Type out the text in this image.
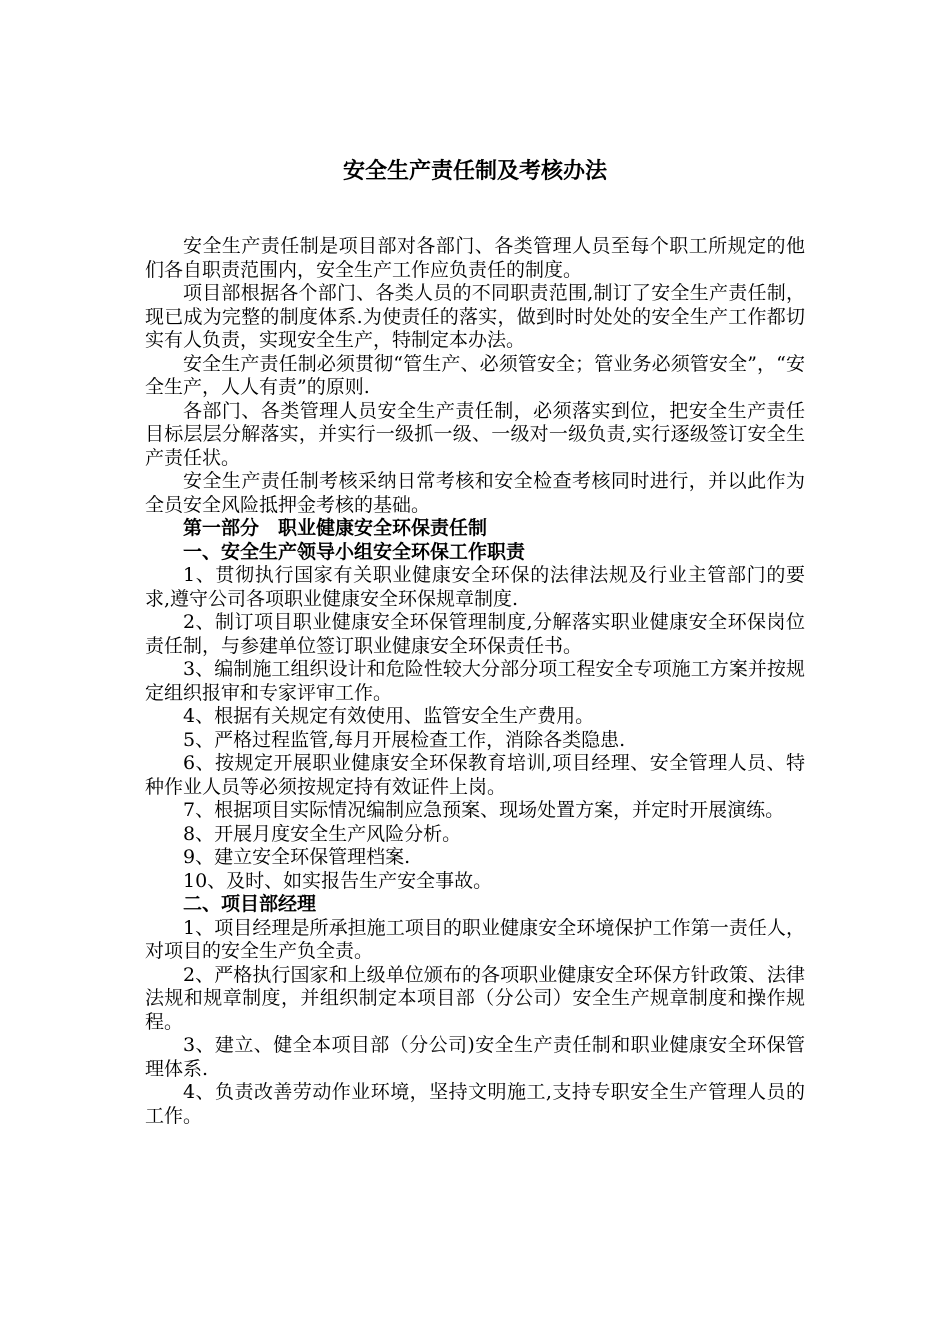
安全生产责任制及考核办法

安全生产责任制是项目部对各部门、各类管理人员至每个职工所规定的他们各自职责范围内，安全生产工作应负责任的制度。

项目部根据各个部门、各类人员的不同职责范围,制订了安全生产责任制，现已成为完整的制度体系.为使责任的落实，做到时时处处的安全生产工作都切实有人负责，实现安全生产，特制定本办法。

安全生产责任制必须贯彻“管生产、必须管安全；管业务必须管安全”，“安全生产，人人有责”的原则.

各部门、各类管理人员安全生产责任制，必须落实到位，把安全生产责任目标层层分解落实，并实行一级抓一级、一级对一级负责,实行逐级签订安全生产责任状。

安全生产责任制考核采纳日常考核和安全检查考核同时进行，并以此作为全员安全风险抵押金考核的基础。

第一部分　职业健康安全环保责任制

一、安全生产领导小组安全环保工作职责

1、贯彻执行国家有关职业健康安全环保的法律法规及行业主管部门的要求,遵守公司各项职业健康安全环保规章制度.

2、制订项目职业健康安全环保管理制度,分解落实职业健康安全环保岗位责任制，与参建单位签订职业健康安全环保责任书。

3、编制施工组织设计和危险性较大分部分项工程安全专项施工方案并按规定组织报审和专家评审工作。

4、根据有关规定有效使用、监管安全生产费用。

5、严格过程监管,每月开展检查工作，消除各类隐患.

6、按规定开展职业健康安全环保教育培训,项目经理、安全管理人员、特种作业人员等必须按规定持有效证件上岗。

7、根据项目实际情况编制应急预案、现场处置方案，并定时开展演练。

8、开展月度安全生产风险分析。

9、建立安全环保管理档案.

10、及时、如实报告生产安全事故。

二、项目部经理

1、项目经理是所承担施工项目的职业健康安全环境保护工作第一责任人，对项目的安全生产负全责。

2、严格执行国家和上级单位颁布的各项职业健康安全环保方针政策、法律法规和规章制度，并组织制定本项目部（分公司）安全生产规章制度和操作规程。

3、建立、健全本项目部（分公司)安全生产责任制和职业健康安全环保管理体系.

4、负责改善劳动作业环境，坚持文明施工,支持专职安全生产管理人员的工作。
